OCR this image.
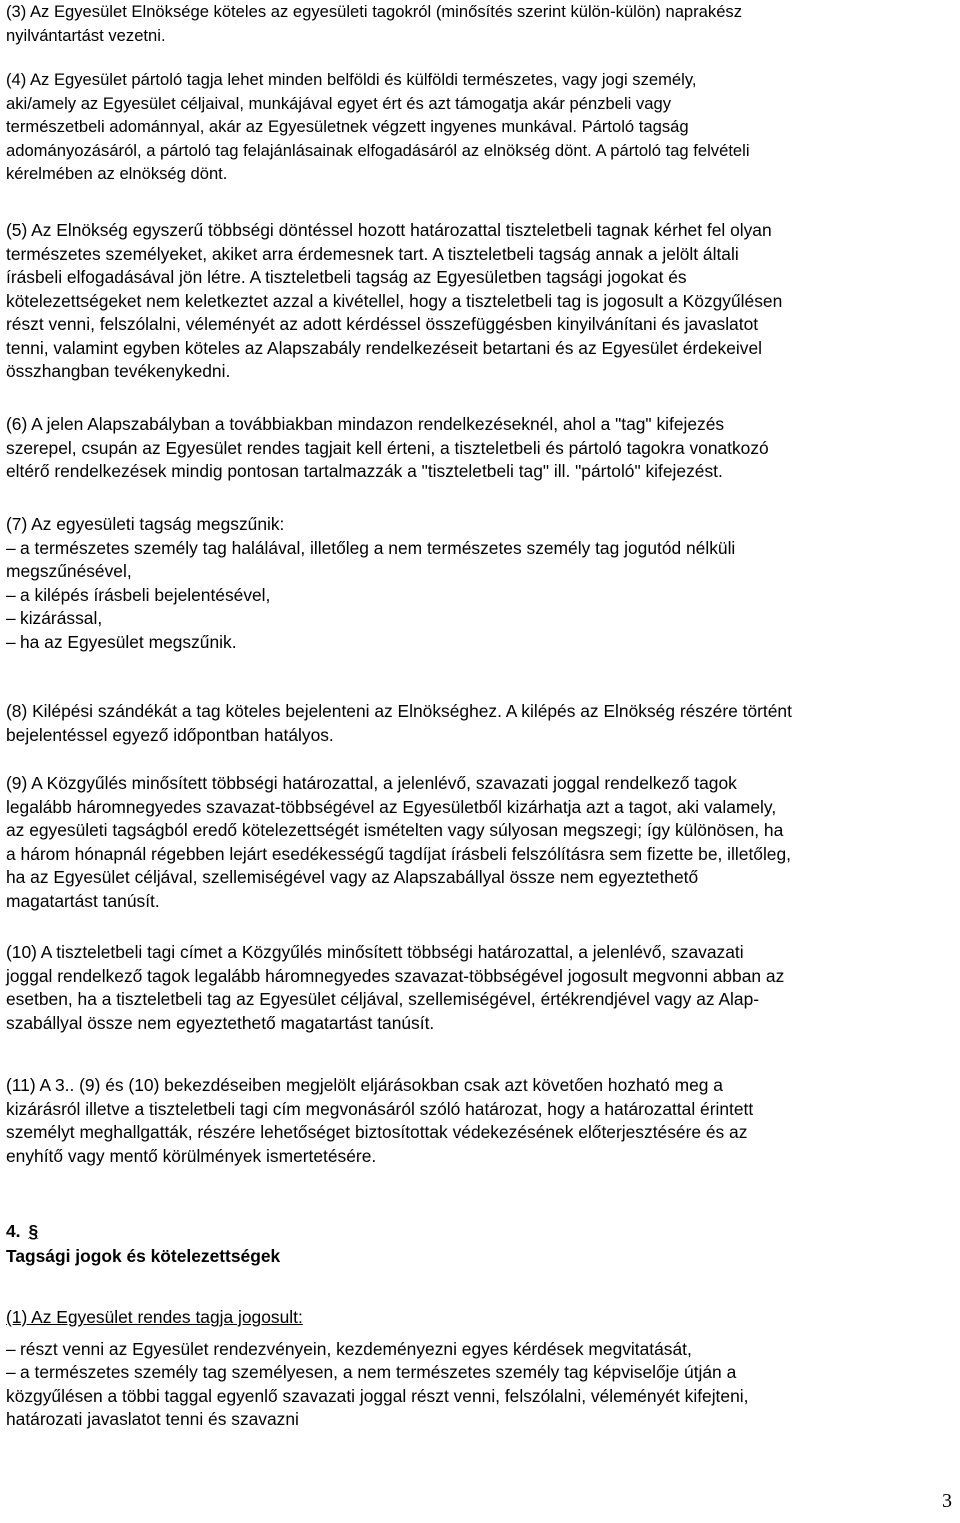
(3) Az Egyesület Elnöksége köteles az egyesületi tagokról (minősítés szerint külön-külön) naprakész
nyilvántartást vezetni.
(4) Az Egyesület pártoló tagja lehet minden belföldi és külföldi természetes, vagy jogi személy,
aki/amely az Egyesület céljaival, munkájával egyet ért és azt támogatja akár pénzbeli vagy
természetbeli adománnyal, akár az Egyesületnek végzett ingyenes munkával. Pártoló tagság
adományozásáról, a pártoló tag felajánlásainak elfogadásáról az elnökség dönt. A pártoló tag felvételi
kérelmében az elnökség dönt.
(5) Az Elnökség egyszerű többségi döntéssel hozott határozattal tiszteletbeli tagnak kérhet fel olyan
természetes személyeket, akiket arra érdemesnek tart. A tiszteletbeli tagság annak a jelölt általi
írásbeli elfogadásával jön létre. A tiszteletbeli tagság az Egyesületben tagsági jogokat és
kötelezettségeket nem keletkeztet azzal a kivétellel, hogy a tiszteletbeli tag is jogosult a Közgyűlésen
részt venni, felszólalni, véleményét az adott kérdéssel összefüggésben kinyilvánítani és javaslatot
tenni, valamint egyben köteles az Alapszabály rendelkezéseit betartani és az Egyesület érdekeivel
összhangban tevékenykedni.
(6) A jelen Alapszabályban a továbbiakban mindazon rendelkezéseknél, ahol a "tag" kifejezés
szerepel, csupán az Egyesület rendes tagjait kell érteni, a tiszteletbeli és pártoló tagokra vonatkozó
eltérő rendelkezések mindig pontosan tartalmazzák a "tiszteletbeli tag" ill. "pártoló" kifejezést.
(7) Az egyesületi tagság megszűnik:
– a természetes személy tag halálával, illetőleg a nem természetes személy tag jogutód nélküli
megszűnésével,
– a kilépés írásbeli bejelentésével,
– kizárással,
– ha az Egyesület megszűnik.
(8) Kilépési szándékát a tag köteles bejelenteni az Elnökséghez. A kilépés az Elnökség részére történt
bejelentéssel egyező időpontban hatályos.
(9) A Közgyűlés minősített többségi határozattal, a jelenlévő, szavazati joggal rendelkező tagok
legalább háromnegyedes szavazat-többségével az Egyesületből kizárhatja azt a tagot, aki valamely,
az egyesületi tagságból eredő kötelezettségét ismételten vagy súlyosan megszegi; így különösen, ha
a három hónapnál régebben lejárt esedékességű tagdíjat írásbeli felszólításra sem fizette be, illetőleg,
ha az Egyesület céljával, szellemiségével vagy az Alapszabállyal össze nem egyeztethető
magatartást tanúsít.
(10) A tiszteletbeli tagi címet a Közgyűlés minősített többségi határozattal, a jelenlévő, szavazati
joggal rendelkező tagok legalább háromnegyedes szavazat-többségével jogosult megvonni abban az
esetben, ha a tiszteletbeli tag az Egyesület céljával, szellemiségével, értékrendjével vagy az Alap-
szabállyal össze nem egyeztethető magatartást tanúsít.
(11) A 3.. (9) és (10) bekezdéseiben megjelölt eljárásokban csak azt követően hozható meg a
kizárásról illetve a tiszteletbeli tagi cím megvonásáról szóló határozat, hogy a határozattal érintett
személyt meghallgatták, részére lehetőséget biztosítottak védekezésének előterjesztésére és az
enyhítő vagy mentő körülmények ismertetésére.
4. §
Tagsági jogok és kötelezettségek
(1) Az Egyesület rendes tagja jogosult:
– részt venni az Egyesület rendezvényein, kezdeményezni egyes kérdések megvitatását,
– a természetes személy tag személyesen, a nem természetes személy tag képviselője útján a
közgyűlésen a többi taggal egyenlő szavazati joggal részt venni, felszólalni, véleményét kifejteni,
határozati javaslatot tenni és szavazni
3
